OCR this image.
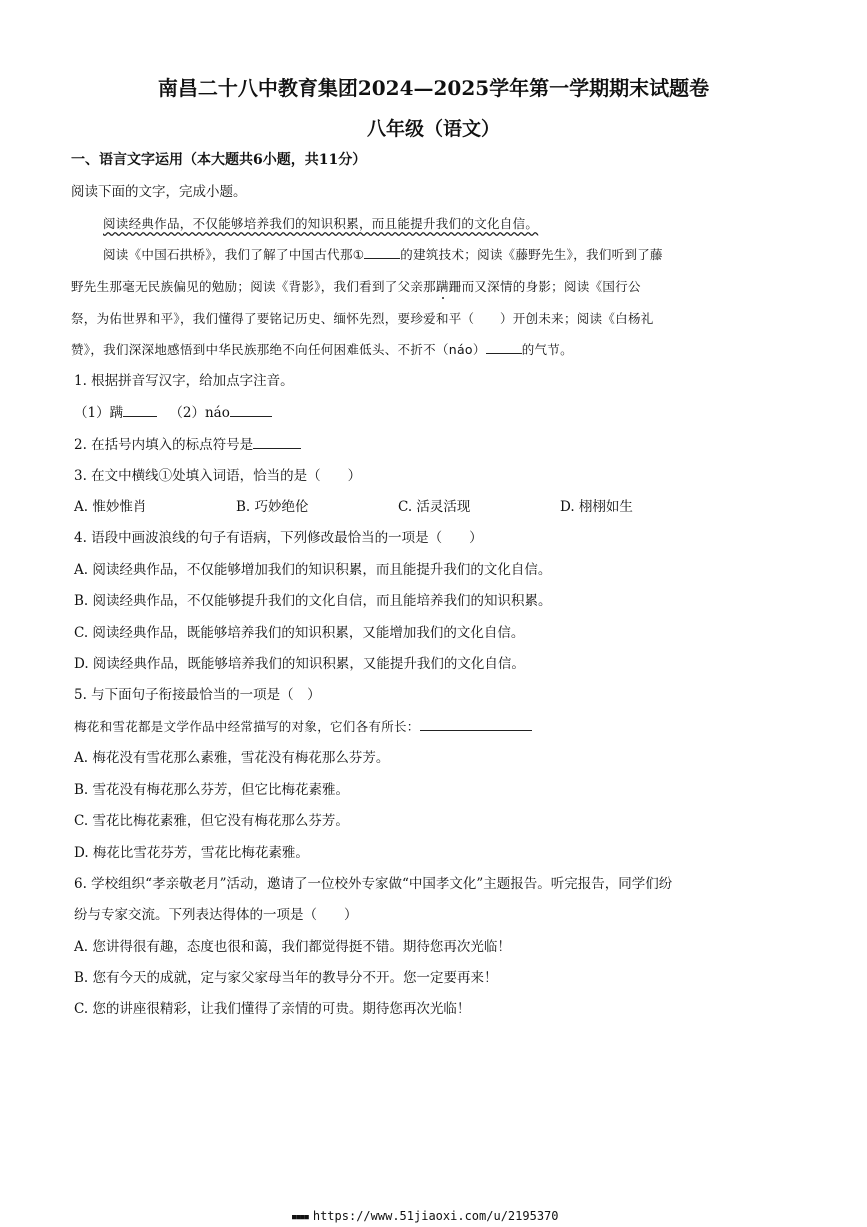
南昌二十八中教育集团2024—2025学年第一学期期末试题卷
八年级（语文）
一、语言文字运用（本大题共6小题，共11分）
阅读下面的文字，完成小题。
阅读经典作品，不仅能够培养我们的知识积累，而且能提升我们的文化自信。
阅读《中国石拱桥》，我们了解了中国古代那①	的建筑技术；阅读《藤野先生》，我们听到了藤
野先生那毫无民族偏见的勉励；阅读《背影》，我们看到了父亲那蹒跚而又深情的身影；阅读《国行公
祭，为佑世界和平》，我们懂得了要铭记历史、缅怀先烈，要珍爱和平（　　）开创未来；阅读《白杨礼
赞》，我们深深地感悟到中华民族那绝不向任何困难低头、不折不（náo）	的气节。
1. 根据拼音写汉字，给加点字注音。
（1）蹒	（2）náo
2. 在括号内填入的标点符号是
3. 在文中横线①处填入词语，恰当的是（　　）
A. 惟妙惟肖	B. 巧妙绝伦	C. 活灵活现	D. 栩栩如生
4. 语段中画波浪线的句子有语病，下列修改最恰当的一项是（　　）
A. 阅读经典作品，不仅能够增加我们的知识积累，而且能提升我们的文化自信。
B. 阅读经典作品，不仅能够提升我们的文化自信，而且能培养我们的知识积累。
C. 阅读经典作品，既能够培养我们的知识积累，又能增加我们的文化自信。
D. 阅读经典作品，既能够培养我们的知识积累，又能提升我们的文化自信。
5. 与下面句子衔接最恰当的一项是（　）
梅花和雪花都是文学作品中经常描写的对象，它们各有所长：
A. 梅花没有雪花那么素雅，雪花没有梅花那么芬芳。
B. 雪花没有梅花那么芬芳，但它比梅花素雅。
C. 雪花比梅花素雅，但它没有梅花那么芬芳。
D. 梅花比雪花芬芳，雪花比梅花素雅。
6. 学校组织“孝亲敬老月”活动，邀请了一位校外专家做“中国孝文化”主题报告。听完报告，同学们纷
纷与专家交流。下列表达得体的一项是（　　）
A. 您讲得很有趣，态度也很和蔼，我们都觉得挺不错。期待您再次光临！
B. 您有今天的成就，定与家父家母当年的教导分不开。您一定要再来！
C. 您的讲座很精彩，让我们懂得了亲情的可贵。期待您再次光临！
■■■■ https://www.51jiaoxi.com/u/2195370
